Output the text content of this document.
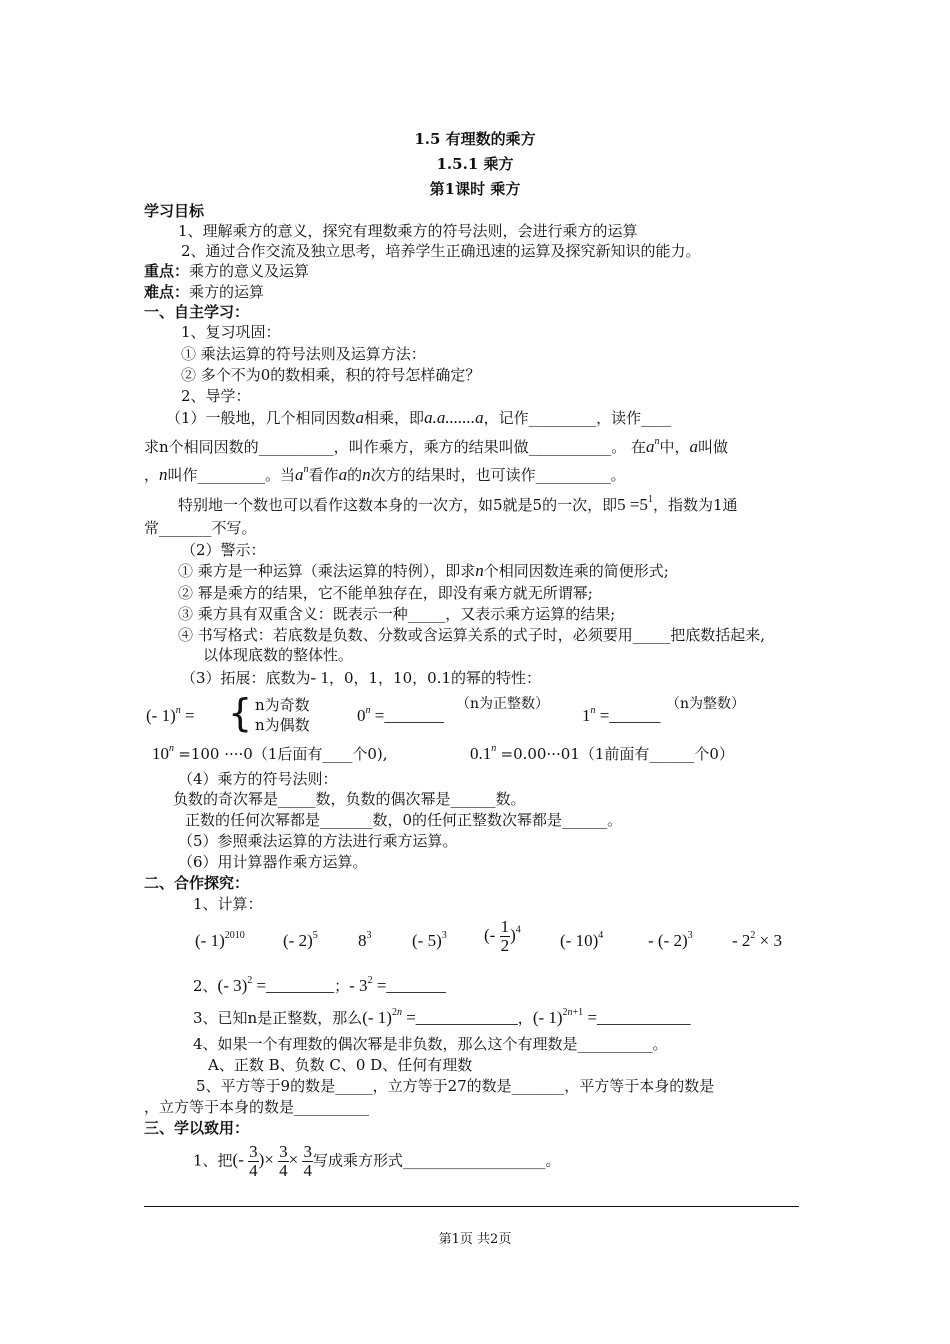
1.5 有理数的乘方
1.5.1 乘方
第1课时 乘方
学习目标
1、理解乘方的意义，探究有理数乘方的符号法则，会进行乘方的运算
2、通过合作交流及独立思考，培养学生正确迅速的运算及探究新知识的能力。
重点：乘方的意义及运算
难点：乘方的运算
一、自主学习：
1、复习巩固：
① 乘法运算的符号法则及运算方法：
② 多个不为0的数相乘，积的符号怎样确定？
2、导学：
（1）一般地，几个相同因数a相乘，即a.a.......a，记作_________，读作____
求n个相同因数的__________，叫作乘方，乘方的结果叫做___________。 在$a^n$中，a叫做
，n叫作_________。当$a^n$看作a的n次方的结果时，也可读作__________。
特别地一个数也可以看作这数本身的一次方，如5就是5的一次，即$5 =5^1$，指数为1通
常_______不写。
（2）警示：
① 乘方是一种运算（乘法运算的特例），即求n个相同因数连乘的简便形式;
② 幂是乘方的结果，它不能单独存在，即没有乘方就无所谓幂;
③ 乘方具有双重含义：既表示一种_____，又表示乘方运算的结果;
④ 书写格式：若底数是负数、分数或含运算关系的式子时，必须要用_____把底数括起来,
以体现底数的整体性。
（3）拓展：底数为- 1，0，1，10，0.1的幂的特性：
(- 1)$^n$ = { n为奇数
n为偶数	$0^n$ =_______
（n为正整数）
$1^n$ =______
（n为整数）
$10^n =100 \cdot\cdot\cdot\cdot 0(1$后面有____个0),	$0.1^n =0.00\cdot\cdot\cdot 01(1$前面有______个0）
（4）乘方的符号法则：
负数的奇次幂是_____数，负数的偶次幂是______数。
正数的任何次幂都是_______数，0的任何正整数次幂都是______。
（5）参照乘法运算的方法进行乘方运算。
（6）用计算器作乘方运算。
二、合作探究：
1、计算：
(- 1)$^{2010}$ (- 2)$^5$ $8^3$ (- 5)$^3$ (- $\frac{1}{2} )^4$
(- 10)$^4$	- (- $2)^3 - 2^2 \times 3$
2、(- 3)$^2$ =________；- $3^2$ =_______
3、已知n是正整数，那么(- 1)$^{2n}$ =____________，(- 1)$^{2n+1}$ =___________
4、如果一个有理数的偶次幂是非负数，那么这个有理数是__________。
A、正数 B、负数 C、0 D、任何有理数
5、平方等于9的数是_____，立方等于27的数是_______，平方等于本身的数是
，立方等于本身的数是__________
三、学以致用：
1、把(- $\frac{3}{4}$ )× $\frac{3}{4} \times \frac{3}{4}$ 写成乘方形式___________________。
第1页 共2页
